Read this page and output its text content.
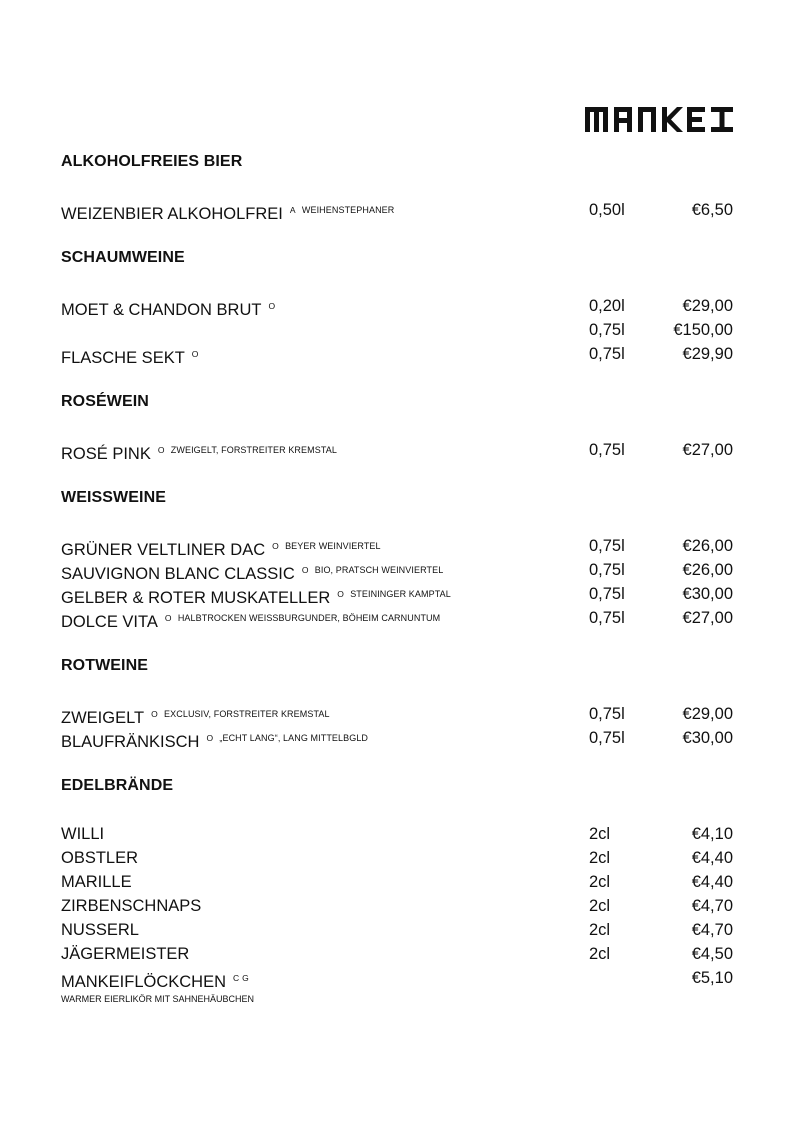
ALKOHOLFREIES BIER
WEIZENBIER ALKOHOLFREI $^A$ $^{WEIHENSTEPHANER}$	0,50l	€6,50
SCHAUMWEINE
MOET & CHANDON BRUT $^O$	0,20l	€29,00
0,75l	€150,00
FLASCHE SEKT $^O$	0,75l	€29,90
ROSÉWEIN
ROSÉ PINK $^O$ $^{ZWEIGELT, FORSTREITER KREMSTAL}$	0,75l	€27,00
WEISSWEINE
GRÜNER VELTLINER DAC $^O$ $^{BEYER WEINVIERTEL}$	0,75l	€26,00
SAUVIGNON BLANC CLASSIC $^O$ $^{BIO, PRATSCH WEINVIERTEL}$	0,75l	€26,00
GELBER & ROTER MUSKATELLER $^O$ $^{STEININGER KAMPTAL}$	0,75l	€30,00
DOLCE VITA $^O$ $^{HALBTROCKEN WEISSBURGUNDER, BÖHEIM CARNUNTUM}$	0,75l	€27,00
ROTWEINE
ZWEIGELT $^O$ $^{EXCLUSIV, FORSTREITER KREMSTAL}$	0,75l	€29,00
BLAUFRÄNKISCH $^O$ $^{„ECHT LANG“, LANG MITTELBGLD}$	0,75l	€30,00
EDELBRÄNDE
WILLI	2cl	€4,10
OBSTLER	2cl	€4,40
MARILLE	2cl	€4,40
ZIRBENSCHNAPS	2cl	€4,70
NUSSERL	2cl	€4,70
JÄGERMEISTER	2cl	€4,50
MANKEIFLÖCKCHEN $^{C G}$	€5,10
WARMER EIERLIKÖR MIT SAHNEHÄUBCHEN
